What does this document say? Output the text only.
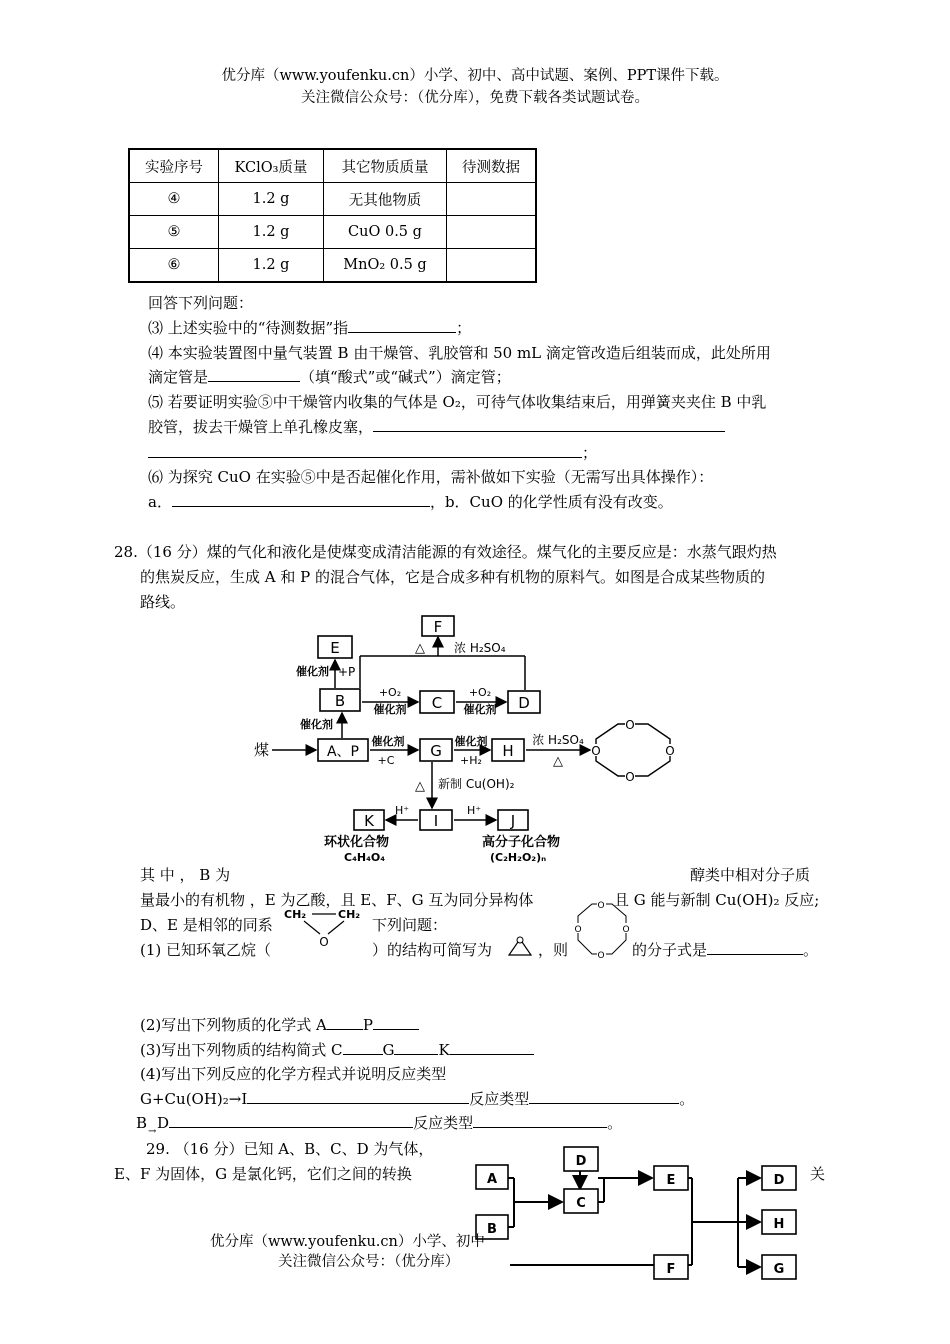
优分库（www.youfenku.cn）小学、初中、高中试题、案例、PPT课件下载。
关注微信公众号：（优分库），免费下载各类试题试卷。
实验序号	KClO₃质量	其它物质质量	待测数据
④	1.2 g	无其他物质	
⑤	1.2 g	CuO 0.5 g	
⑥	1.2 g	MnO₂ 0.5 g	
回答下列问题：
⑶ 上述实验中的“待测数据”指	；
⑷ 本实验装置图中量气装置 B 由干燥管、乳胶管和 50 mL 滴定管改造后组装而成，此处所用
滴定管是	（填“酸式”或“碱式”）滴定管；
⑸ 若要证明实验⑤中干燥管内收集的气体是 O₂，可待气体收集结束后，用弹簧夹夹住 B 中乳
胶管，拔去干燥管上单孔橡皮塞，
；
⑹ 为探究 CuO 在实验⑤中是否起催化作用，需补做如下实验（无需写出具体操作）：
a．	，b．CuO 的化学性质有没有改变。
28.（16 分）煤的气化和液化是使煤变成清洁能源的有效途径。煤气化的主要反应是：水蒸气跟灼热
的焦炭反应，生成 A 和 P 的混合气体，它是合成多种有机物的原料气。如图是合成某些物质的
路线。
F
E	△ 浓 H₂SO₄
催化剂 +P
B	+O₂
催化剂 C
+O₂
催化剂 D
催化剂
煤	A、P
催化剂
+C
G
催化剂
+H₂
H
浓 H₂SO₄
△
O
O
O
O
△ 新制 Cu(OH)₂
I
H⁺
K
H⁺
J
环状化合物
C₄H₄O₄
高分子化合物
(C₂H₂O₂)ₙ
其 中 ， B 为	醇类中相对分子质
量最小的有机物 ，E 为乙酸，且 E、F、G 互为同分异构体	且 G 能与新制 Cu(OH)₂ 反应;
D、E 是相邻的同系	下列问题：
CH₂	CH₂
O
O
O
O
O
(1) 已知环氧乙烷（	）的结构可简写为	，则	的分子式是	。
(2)写出下列物质的化学式 A P
(3)写出下列物质的结构简式 C	G	K
(4)写出下列反应的化学方程式并说明反应类型
G+Cu(OH)₂→I	反应类型	。
B → D	反应类型	。
29. （16 分）已知 A、B、C、D 为气体，
E、F 为固体，G 是氯化钙，它们之间的转换	关
A
B
C
D
E
F
D
H
G
优分库（www.youfenku.cn）小学、初中
关注微信公众号：（优分库）
